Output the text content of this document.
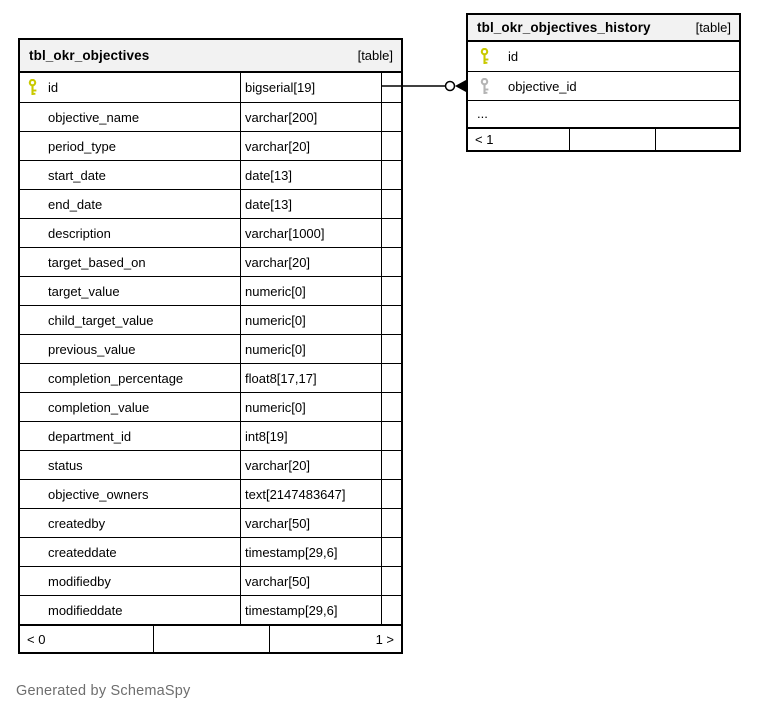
tbl_okr_objectives	[table]
id	bigserial[19]
objective_name	varchar[200]
period_type	varchar[20]
start_date	date[13]
end_date	date[13]
description	varchar[1000]
target_based_on	varchar[20]
target_value	numeric[0]
child_target_value	numeric[0]
previous_value	numeric[0]
completion_percentage	float8[17,17]
completion_value	numeric[0]
department_id	int8[19]
status	varchar[20]
objective_owners	text[2147483647]
createdby	varchar[50]
createddate	timestamp[29,6]
modifiedby	varchar[50]
modifieddate	timestamp[29,6]
< 0	1 >
tbl_okr_objectives_history	[table]
id
objective_id
...
< 1
Generated by SchemaSpy
